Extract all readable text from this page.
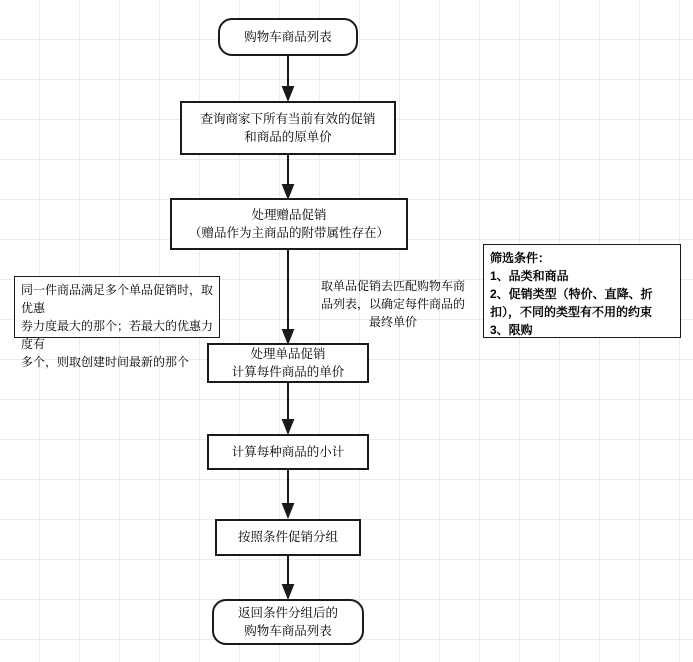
购物车商品列表
查询商家下所有当前有效的促销
和商品的原单价
处理赠品促销
（赠品作为主商品的附带属性存在）
处理单品促销
计算每件商品的单价
计算每种商品的小计
按照条件促销分组
返回条件分组后的
购物车商品列表
同一件商品满足多个单品促销时，取优惠
券力度最大的那个；若最大的优惠力度有
多个，则取创建时间最新的那个
取单品促销去匹配购物车商
品列表，以确定每件商品的
最终单价
筛选条件：
1、品类和商品
2、促销类型（特价、直降、折
扣），不同的类型有不用的约束
3、限购
